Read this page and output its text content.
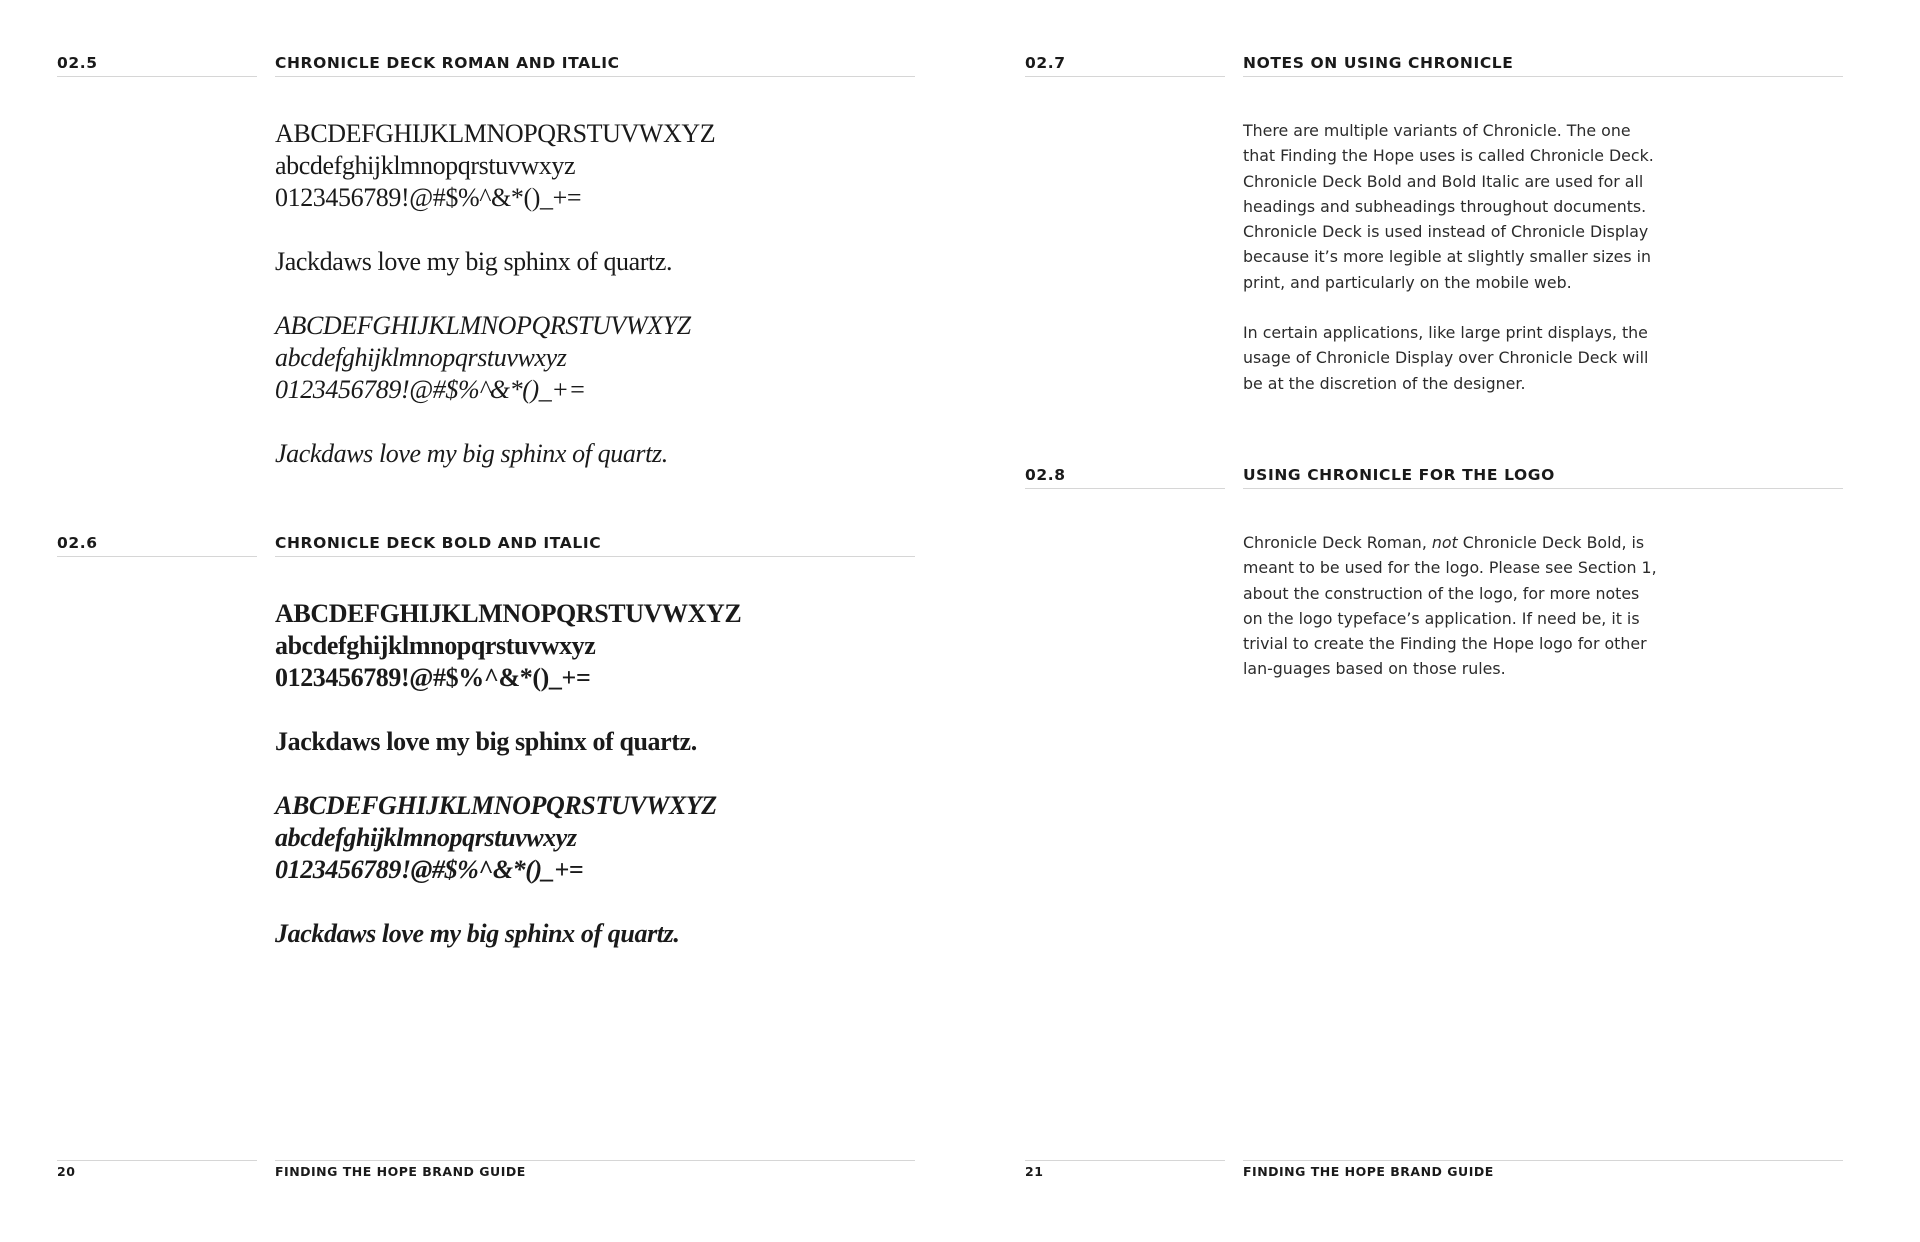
02.5	CHRONICLE DECK ROMAN AND ITALIC
ABCDEFGHIJKLMNOPQRSTUVWXYZ
abcdefghijklmnopqrstuvwxyz
0123456789!@#$%^&*()_+=
Jackdaws love my big sphinx of quartz.
ABCDEFGHIJKLMNOPQRSTUVWXYZ
abcdefghijklmnopqrstuvwxyz
0123456789!@#$%^&*()_+=
Jackdaws love my big sphinx of quartz.
02.6	CHRONICLE DECK BOLD AND ITALIC
ABCDEFGHIJKLMNOPQRSTUVWXYZ
abcdefghijklmnopqrstuvwxyz
0123456789!@#$%^&*()_+=
Jackdaws love my big sphinx of quartz.
ABCDEFGHIJKLMNOPQRSTUVWXYZ
abcdefghijklmnopqrstuvwxyz
0123456789!@#$%^&*()_+=
Jackdaws love my big sphinx of quartz.
20	FINDING THE HOPE BRAND GUIDE
02.7	NOTES ON USING CHRONICLE

There are multiple variants of Chronicle. The one that Finding the Hope uses is called Chronicle Deck. Chronicle Deck Bold and Bold Italic are used for all headings and subheadings throughout documents. Chronicle Deck is used instead of Chronicle Display because it’s more legible at slightly smaller sizes in print, and particularly on the mobile web.

In certain applications, like large print displays, the usage of Chronicle Display over Chronicle Deck will be at the discretion of the designer.

02.8	USING CHRONICLE FOR THE LOGO

Chronicle Deck Roman, not Chronicle Deck Bold, is meant to be used for the logo. Please see Section 1, about the construction of the logo, for more notes on the logo typeface’s application. If need be, it is trivial to create the Finding the Hope logo for other lan-guages based on those rules.

21	FINDING THE HOPE BRAND GUIDE
